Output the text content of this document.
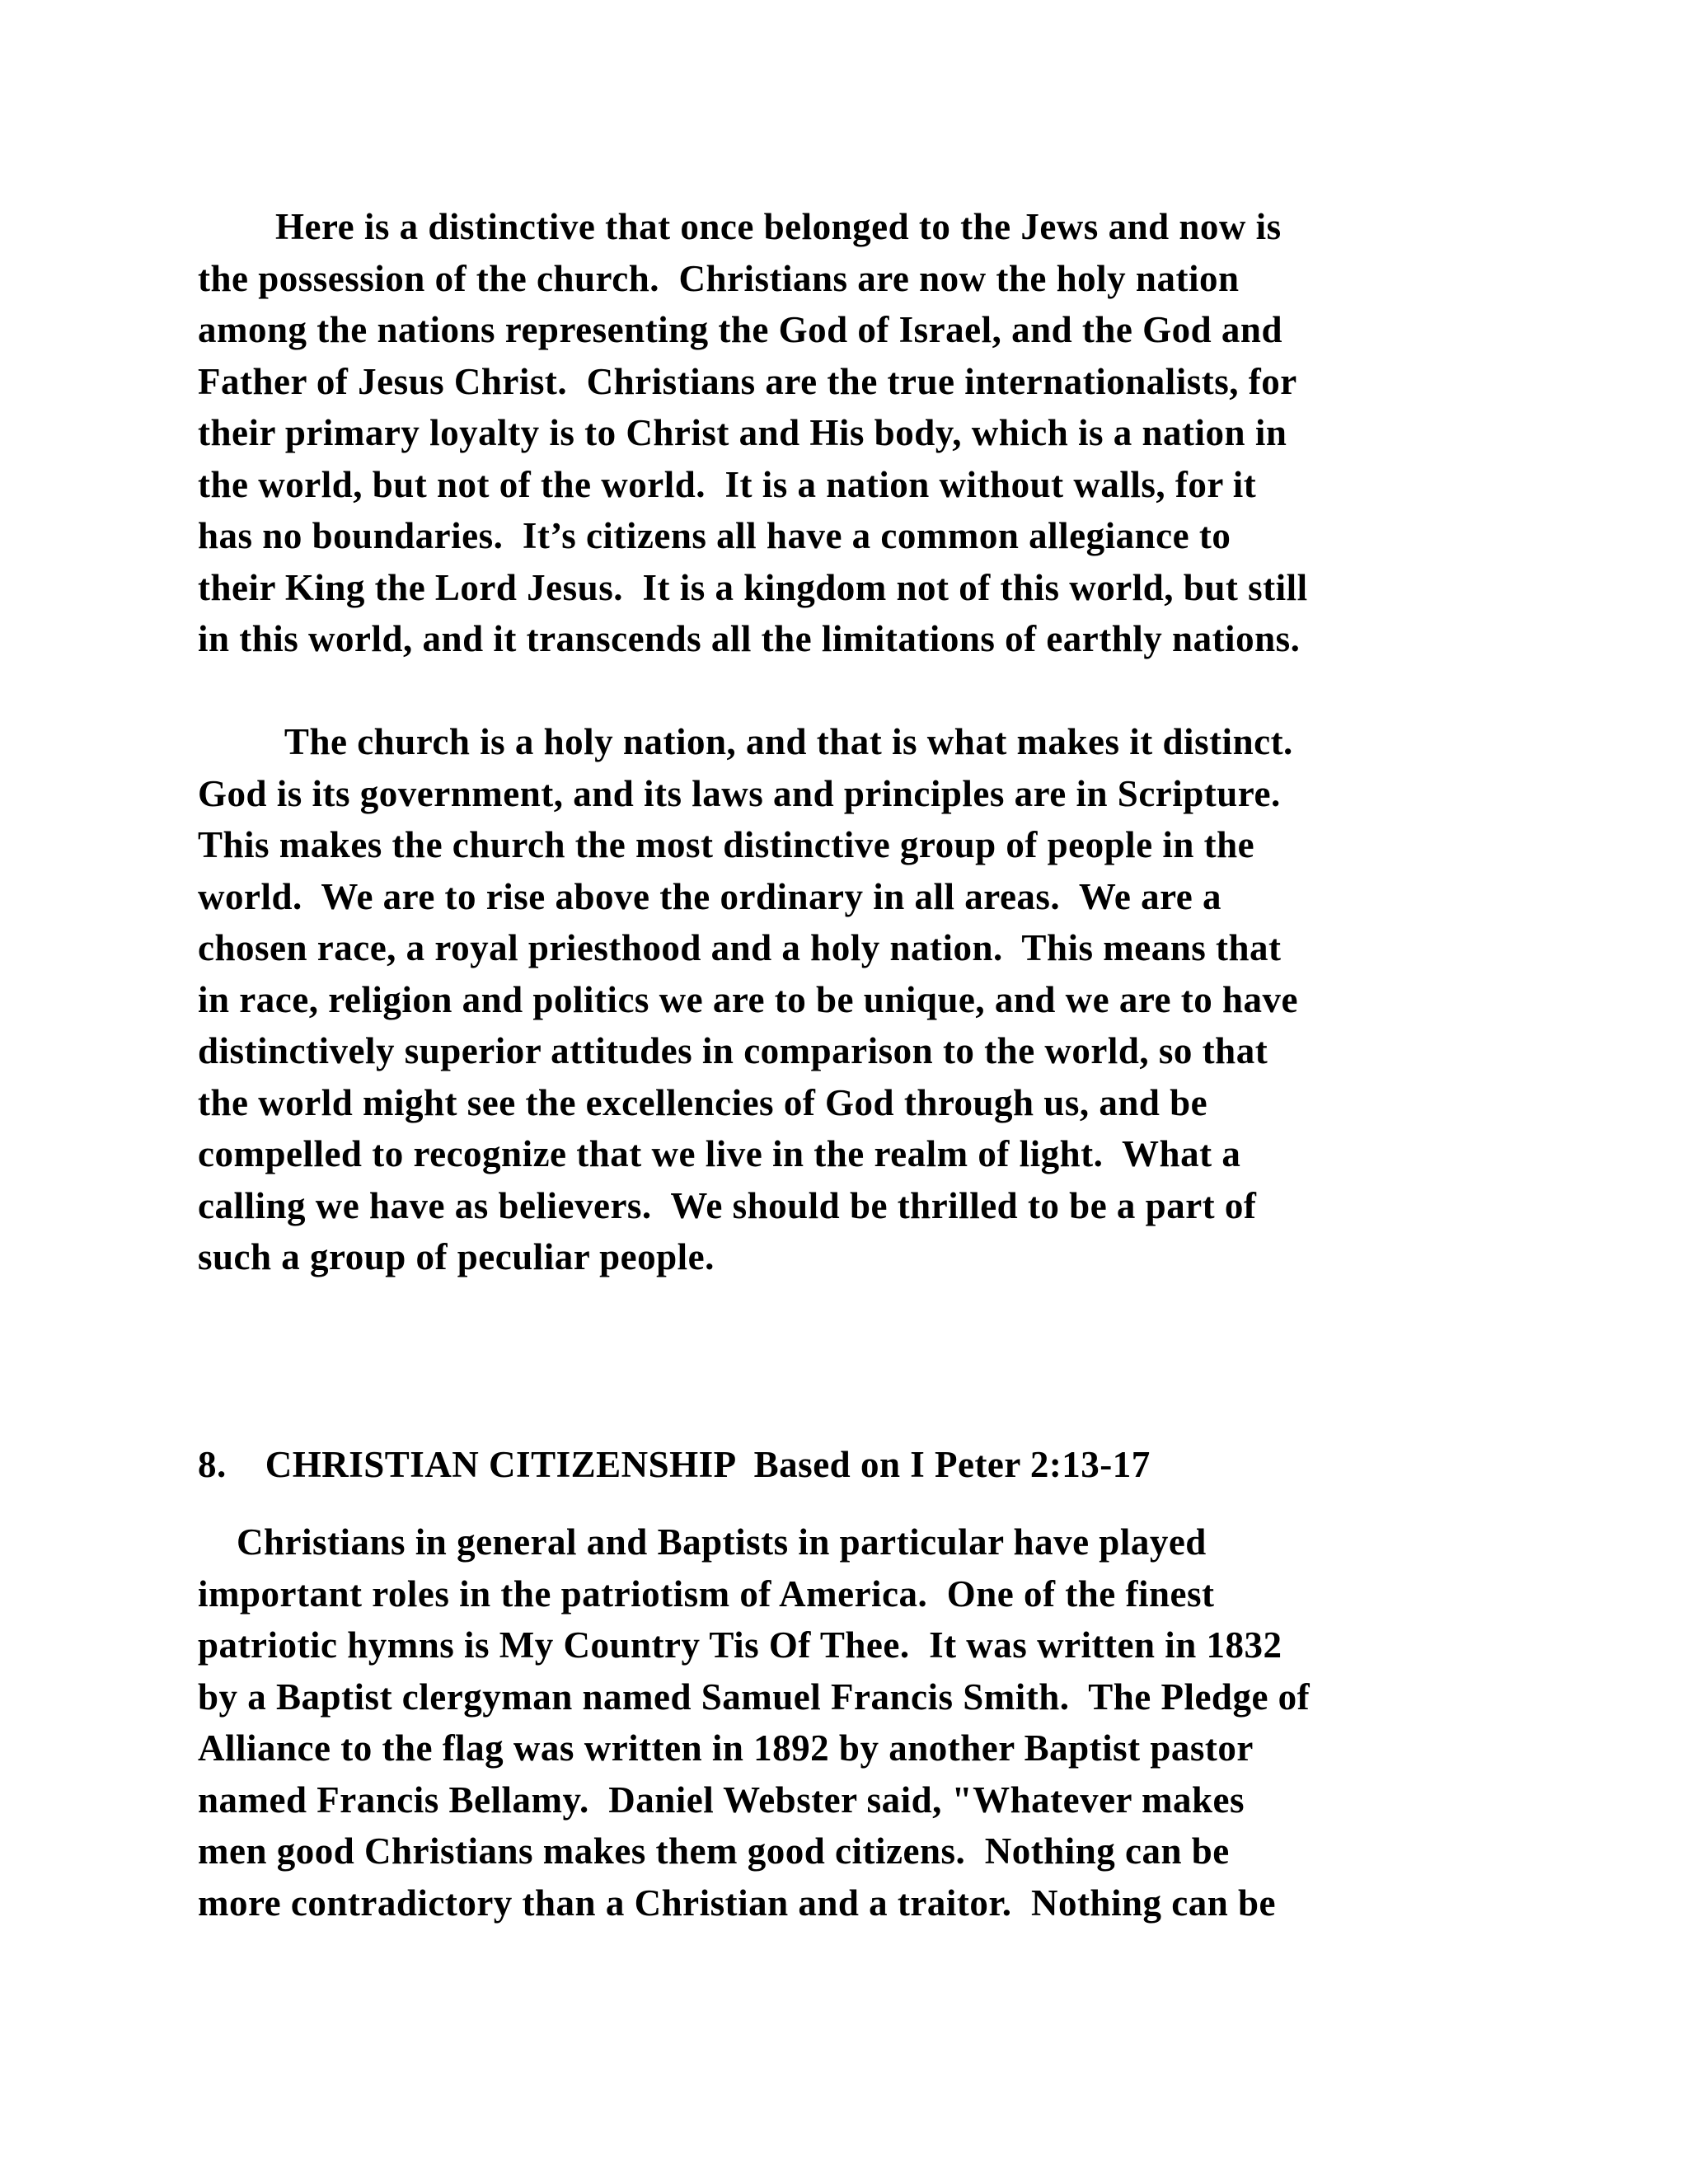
Here is a distinctive that once belonged to the Jews and now is
the possession of the church.  Christians are now the holy nation
among the nations representing the God of Israel, and the God and
Father of Jesus Christ.  Christians are the true internationalists, for
their primary loyalty is to Christ and His body, which is a nation in
the world, but not of the world.  It is a nation without walls, for it
has no boundaries.  It’s citizens all have a common allegiance to
their King the Lord Jesus.  It is a kingdom not of this world, but still
in this world, and it transcends all the limitations of earthly nations.
The church is a holy nation, and that is what makes it distinct.
God is its government, and its laws and principles are in Scripture.
This makes the church the most distinctive group of people in the
world.  We are to rise above the ordinary in all areas.  We are a
chosen race, a royal priesthood and a holy nation.  This means that
in race, religion and politics we are to be unique, and we are to have
distinctively superior attitudes in comparison to the world, so that
the world might see the excellencies of God through us, and be
compelled to recognize that we live in the realm of light.  What a
calling we have as believers.  We should be thrilled to be a part of
such a group of peculiar people.
8.    CHRISTIAN CITIZENSHIP  Based on I Peter 2:13-17
Christians in general and Baptists in particular have played
important roles in the patriotism of America.  One of the finest
patriotic hymns is My Country Tis Of Thee.  It was written in 1832
by a Baptist clergyman named Samuel Francis Smith.  The Pledge of
Alliance to the flag was written in 1892 by another Baptist pastor
named Francis Bellamy.  Daniel Webster said, "Whatever makes
men good Christians makes them good citizens.  Nothing can be
more contradictory than a Christian and a traitor.  Nothing can be
